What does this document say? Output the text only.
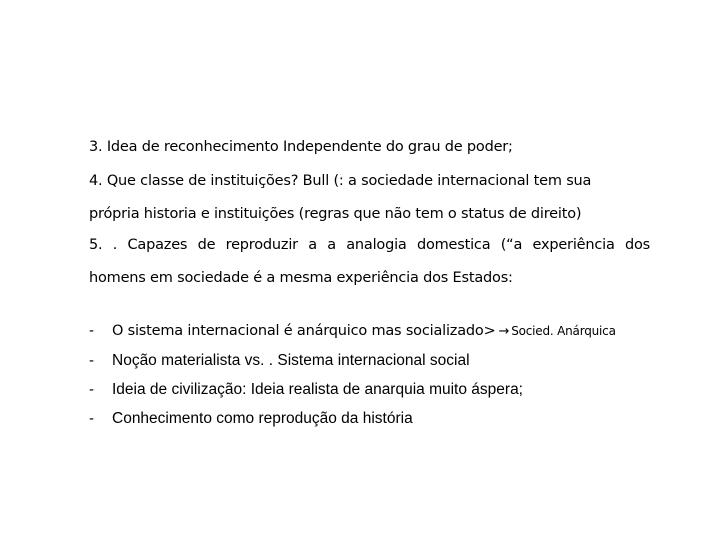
3. Idea de reconhecimento Independente do grau de poder;
4. Que classe de instituições? Bull (: a sociedade internacional tem sua
própria historia e instituições (regras que não tem o status de direito)
5. . Capazes de reproduzir a a analogia domestica (“a experiência dos
homens em sociedade é a mesma experiência dos Estados:
-	O sistema internacional é anárquico mas socializado> → Socied. Anárquica
-	Noção materialista vs. . Sistema internacional social
-	Ideia de civilização: Ideia realista de anarquia muito áspera;
-	Conhecimento como reprodução da história
